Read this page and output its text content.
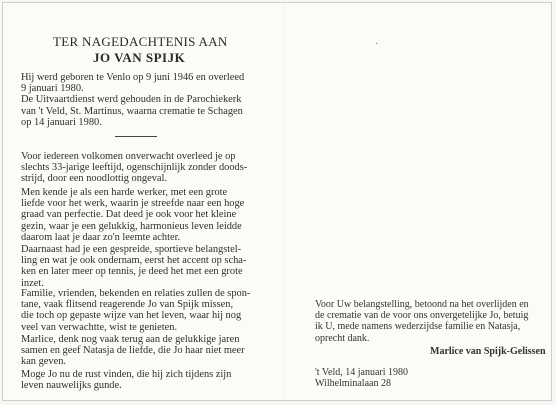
TER NAGEDACHTENIS AAN
JO VAN SPIJK

Hij werd geboren te Venlo op 9 juni 1946 en overleed

9 januari 1980.

De Uitvaartdienst werd gehouden in de Parochiekerk

van 't Veld, St. Martinus, waarna crematie te Schagen

op 14 januari 1980.

Voor iedereen volkomen onverwacht overleed je op

slechts 33-jarige leeftijd, ogenschijnlijk zonder doods-

strijd, door een noodlottig ongeval.

Men kende je als een harde werker, met een grote

liefde voor het werk, waarin je streefde naar een hoge

graad van perfectie. Dat deed je ook voor het kleine

gezin, waar je een gelukkig, harmonieus leven leidde

daarom laat je daar zo'n leemte achter.

Daarnaast had je een gespreide, sportieve belangstel-

ling en wat je ook ondernam, eerst het accent op scha-

ken en later meer op tennis, je deed het met een grote

inzet.

Familie, vrienden, bekenden en relaties zullen de spon-

tane, vaak flitsend reagerende Jo van Spijk missen,

die toch op gepaste wijze van het leven, waar hij nog

veel van verwachtte, wist te genieten.

Marlice, denk nog vaak terug aan de gelukkige jaren

samen en geef Natasja de liefde, die Jo haar niet meer

kan geven.

Moge Jo nu de rust vinden, die hij zich tijdens zijn

leven nauwelijks gunde.

·

Voor Uw belangstelling, betoond na het overlijden en

de crematie van de voor ons onvergetelijke Jo, betuig

ik U, mede namens wederzijdse familie en Natasja,

oprecht dank.

Marlice van Spijk-Gelissen

't Veld, 14 januari 1980

Wilhelminalaan 28
